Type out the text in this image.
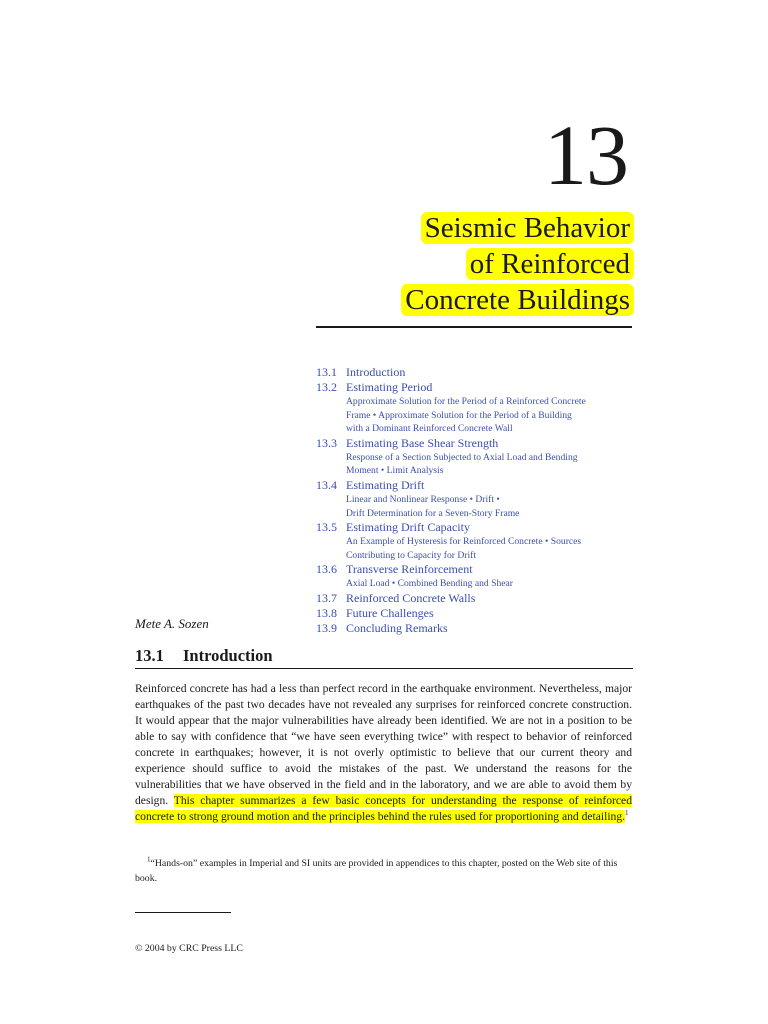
13
Seismic Behavior
of Reinforced
Concrete Buildings
13.1 Introduction
13.2 Estimating Period
Approximate Solution for the Period of a Reinforced Concrete
Frame • Approximate Solution for the Period of a Building
with a Dominant Reinforced Concrete Wall
13.3 Estimating Base Shear Strength
Response of a Section Subjected to Axial Load and Bending
Moment • Limit Analysis
13.4 Estimating Drift
Linear and Nonlinear Response • Drift •
Drift Determination for a Seven-Story Frame
13.5 Estimating Drift Capacity
An Example of Hysteresis for Reinforced Concrete • Sources
Contributing to Capacity for Drift
13.6 Transverse Reinforcement
Axial Load • Combined Bending and Shear
13.7 Reinforced Concrete Walls
13.8 Future Challenges
13.9 Concluding Remarks
Mete A. Sozen
13.1 Introduction

Reinforced concrete has had a less than perfect record in the earthquake environment. Nevertheless, major earthquakes of the past two decades have not revealed any surprises for reinforced concrete construction. It would appear that the major vulnerabilities have already been identified. We are not in a position to be able to say with confidence that “we have seen everything twice” with respect to behavior of reinforced concrete in earthquakes; however, it is not overly optimistic to believe that our current theory and experience should suffice to avoid the mistakes of the past. We understand the reasons for the vulnerabilities that we have observed in the field and in the laboratory, and we are able to avoid them by design. This chapter summarizes a few basic concepts for understanding the response of reinforced concrete to strong ground motion and the principles behind the rules used for proportioning and detailing.$^1$

$^1$“Hands-on” examples in Imperial and SI units are provided in appendices to this chapter, posted on the Web site of this book.

© 2004 by CRC Press LLC
